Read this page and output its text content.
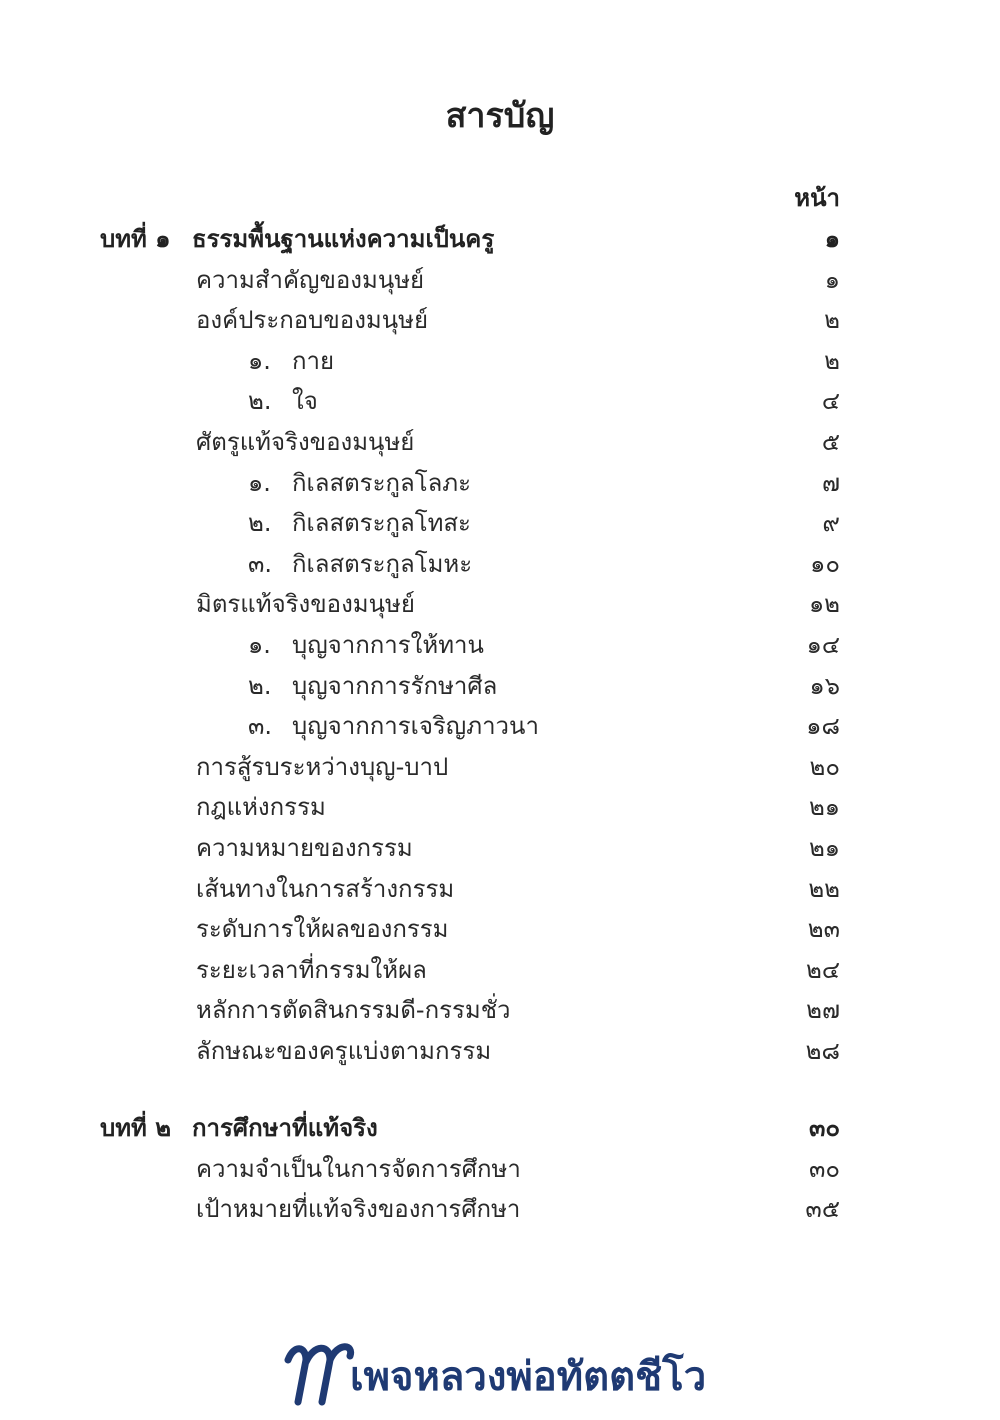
สารบัญ
หน้า
บทที่ ๑ ธรรมพื้นฐานแห่งความเป็นครู	๑
ความสำคัญของมนุษย์	๑
องค์ประกอบของมนุษย์	๒
๑. กาย	๒
๒. ใจ	๔
ศัตรูแท้จริงของมนุษย์	๕
๑. กิเลสตระกูลโลภะ	๗
๒. กิเลสตระกูลโทสะ	๙
๓. กิเลสตระกูลโมหะ	๑๐
มิตรแท้จริงของมนุษย์	๑๒
๑. บุญจากการให้ทาน	๑๔
๒. บุญจากการรักษาศีล	๑๖
๓. บุญจากการเจริญภาวนา	๑๘
การสู้รบระหว่างบุญ-บาป	๒๐
กฎแห่งกรรม	๒๑
ความหมายของกรรม	๒๑
เส้นทางในการสร้างกรรม	๒๒
ระดับการให้ผลของกรรม	๒๓
ระยะเวลาที่กรรมให้ผล	๒๔
หลักการตัดสินกรรมดี-กรรมชั่ว	๒๗
ลักษณะของครูแบ่งตามกรรม	๒๘
บทที่ ๒ การศึกษาที่แท้จริง	๓๐
ความจำเป็นในการจัดการศึกษา	๓๐
เป้าหมายที่แท้จริงของการศึกษา	๓๕
เพจหลวงพ่อทัตตชีโว
